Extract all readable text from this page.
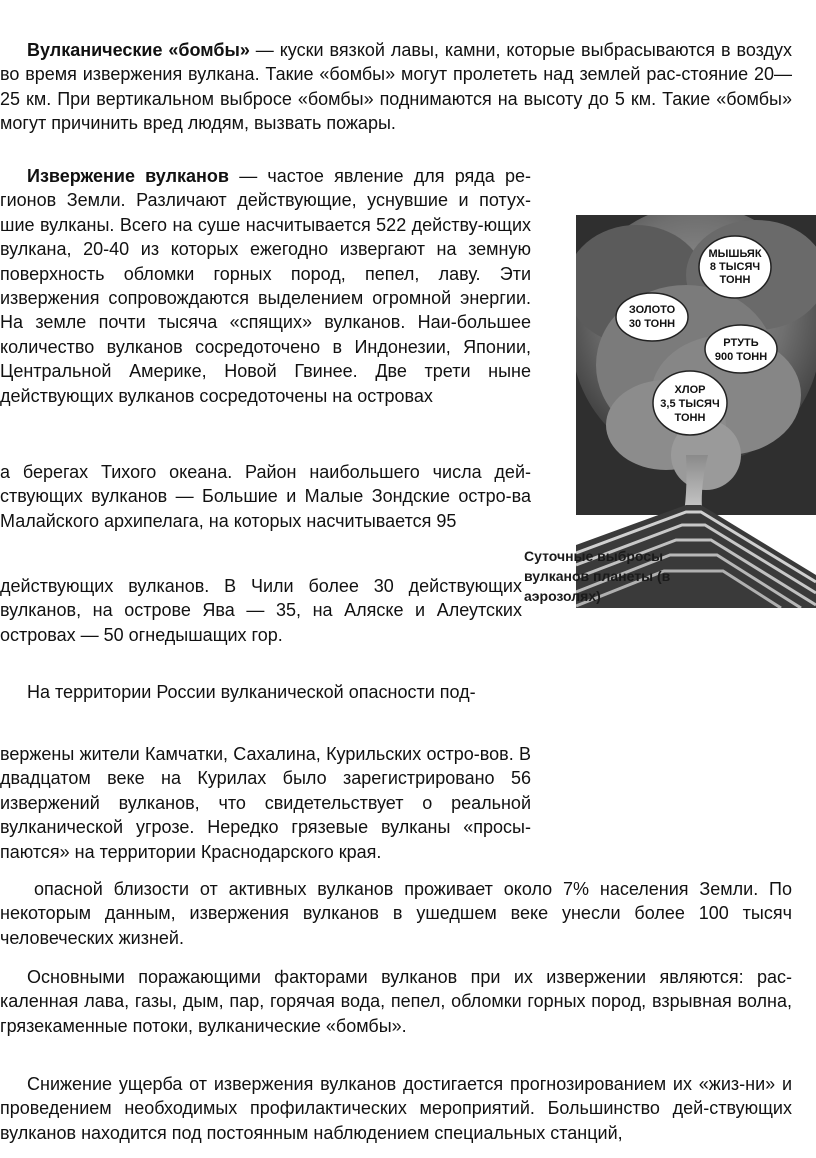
Вулканические «бомбы» — куски вязкой лавы, камни, которые выбрасываются в воздух во время извержения вулкана. Такие «бомбы» могут пролететь над землей рас-стояние 20—25 км. При вертикальном выбросе «бомбы» поднимаются на высоту до 5 км. Такие «бомбы» могут причинить вред людям, вызвать пожары.

Извержение вулканов — частое явление для ряда ре-гионов Земли. Различают действующие, уснувшие и потух-шие вулканы. Всего на суше насчитывается 522 действу-ющих вулкана, 20-40 из которых ежегодно извергают на земную поверхность обломки горных пород, пепел, лаву. Эти извержения сопровождаются выделением огромной энергии. На земле почти тысяча «спящих» вулканов. Наи-большее количество вулканов сосредоточено в Индонезии, Японии, Центральной Америке, Новой Гвинее. Две трети ныне действующих вулканов сосредоточены на островах

а берегах Тихого океана. Район наибольшего числа дей-ствующих вулканов — Большие и Малые Зондские остро-ва Малайского архипелага, на которых насчитывается 95

действующих вулканов. В Чили более 30 действующих вулканов, на острове Ява — 35, на Аляске и Алеутских островах — 50 огнедышащих гор.

На территории России вулканической опасности под-

вержены жители Камчатки, Сахалина, Курильских остро-вов. В двадцатом веке на Курилах было зарегистрировано 56 извержений вулканов, что свидетельствует о реальной вулканической угрозе. Нередко грязевые вулканы «просы-паются» на территории Краснодарского края.

опасной близости от активных вулканов проживает около 7% населения Земли. По некоторым данным, извержения вулканов в ушедшем веке унесли более 100 тысяч человеческих жизней.

Основными поражающими факторами вулканов при их извержении являются: рас-каленная лава, газы, дым, пар, горячая вода, пепел, обломки горных пород, взрывная волна, грязекаменные потоки, вулканические «бомбы».

Снижение ущерба от извержения вулканов достигается прогнозированием их «жиз-ни» и проведением необходимых профилактических мероприятий. Большинство дей-ствующих вулканов находится под постоянным наблюдением специальных станций,

МЫШЬЯК
8 ТЫСЯЧ
ТОНН
ЗОЛОТО
30 ТОНН
РТУТЬ
900 ТОНН
ХЛОР
3,5 ТЫСЯЧ
ТОНН
Суточные выбросы вулканов планеты (в аэрозолях)
